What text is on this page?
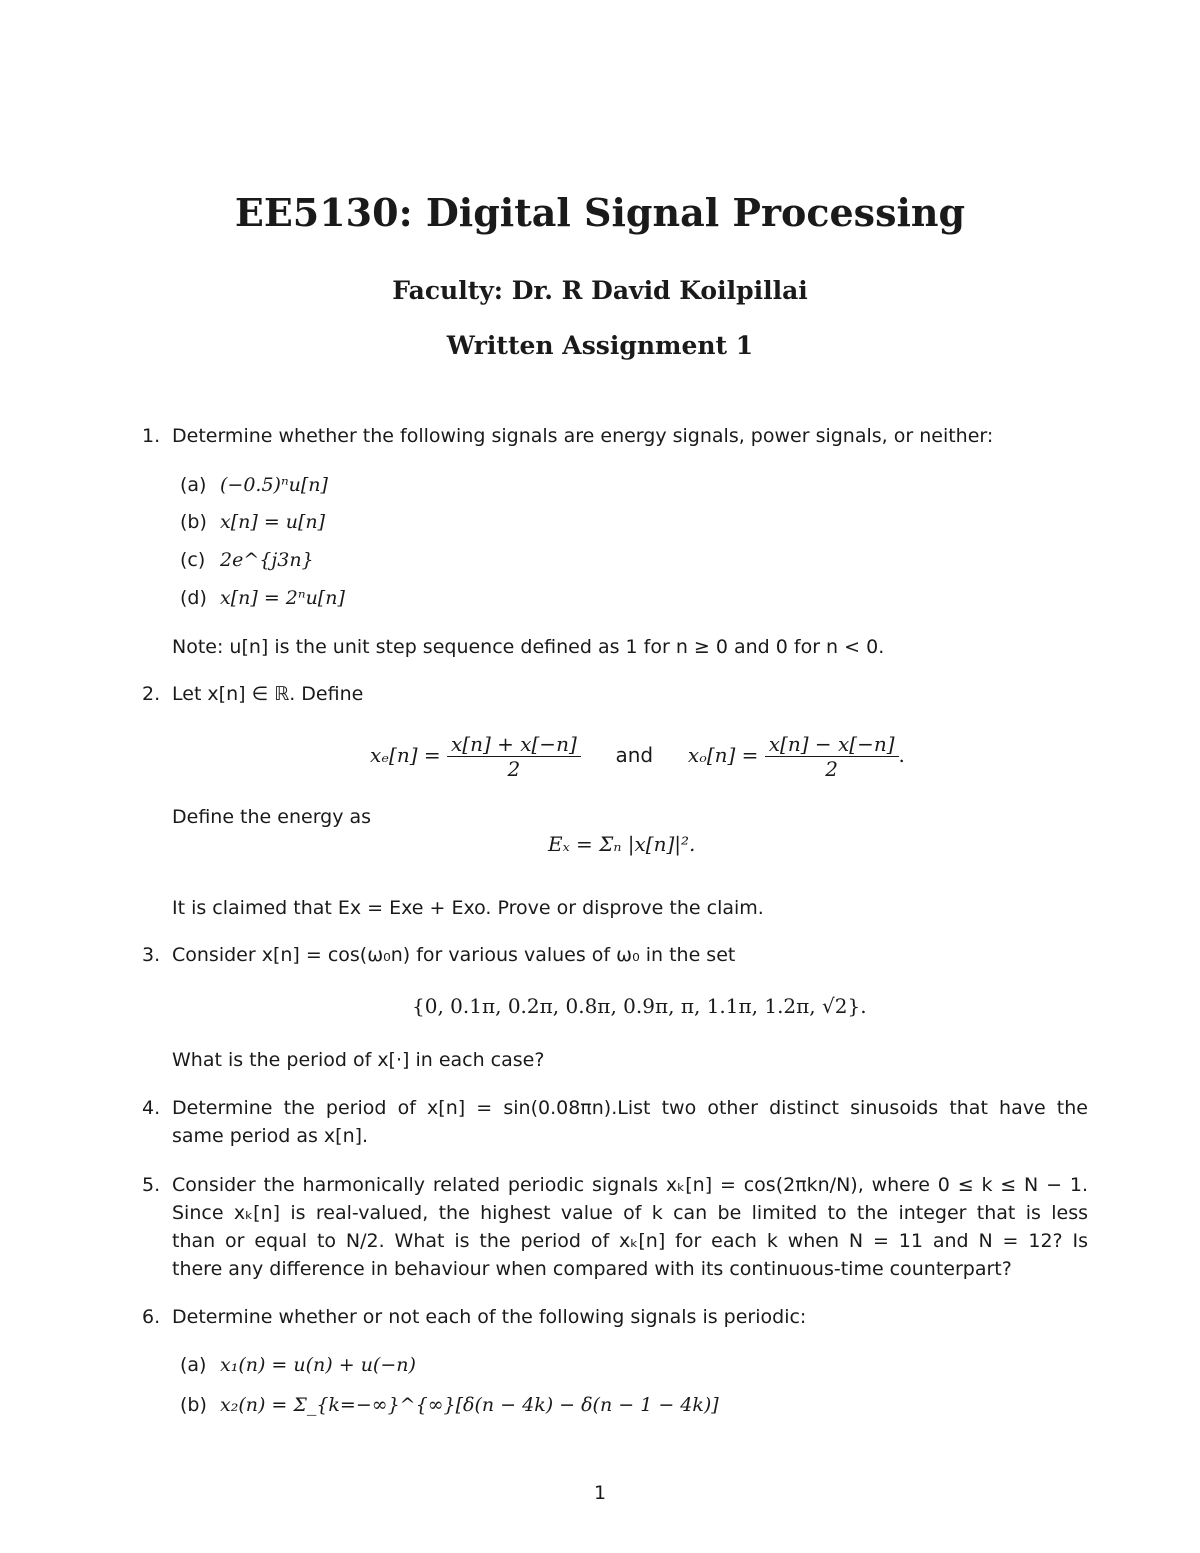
EE5130: Digital Signal Processing
Faculty: Dr. R David Koilpillai
Written Assignment 1
1. Determine whether the following signals are energy signals, power signals, or neither:
(a) (−0.5)ⁿu[n]
(b) x[n] = u[n]
(c) 2e^{j3n}
(d) x[n] = 2ⁿu[n]
Note: u[n] is the unit step sequence defined as 1 for n ≥ 0 and 0 for n < 0.
2. Let x[n] ∈ ℝ. Define
$x_e[n] = \frac{x[n] + x[-n]}{2}$ and $x_o[n] = \frac{x[n] - x[-n]}{2}$ .
Define the energy as
Eₓ = Σₙ |x[n]|².
It is claimed that Ex = Exe + Exo. Prove or disprove the claim.
3. Consider x[n] = cos(ω₀n) for various values of ω₀ in the set
{0, 0.1π, 0.2π, 0.8π, 0.9π, π, 1.1π, 1.2π, √2}.
What is the period of x[·] in each case?
4. Determine the period of x[n] = sin(0.08πn).List two other distinct sinusoids that have the
same period as x[n].
5. Consider the harmonically related periodic signals xₖ[n] = cos(2πkn/N), where 0 ≤ k ≤ N − 1.
Since xₖ[n] is real-valued, the highest value of k can be limited to the integer that is less
than or equal to N/2. What is the period of xₖ[n] for each k when N = 11 and N = 12? Is
there any difference in behaviour when compared with its continuous-time counterpart?
6. Determine whether or not each of the following signals is periodic:
(a) x₁(n) = u(n) + u(−n)
(b) x₂(n) = Σ_{k=−∞}^{∞}[δ(n − 4k) − δ(n − 1 − 4k)]
1
